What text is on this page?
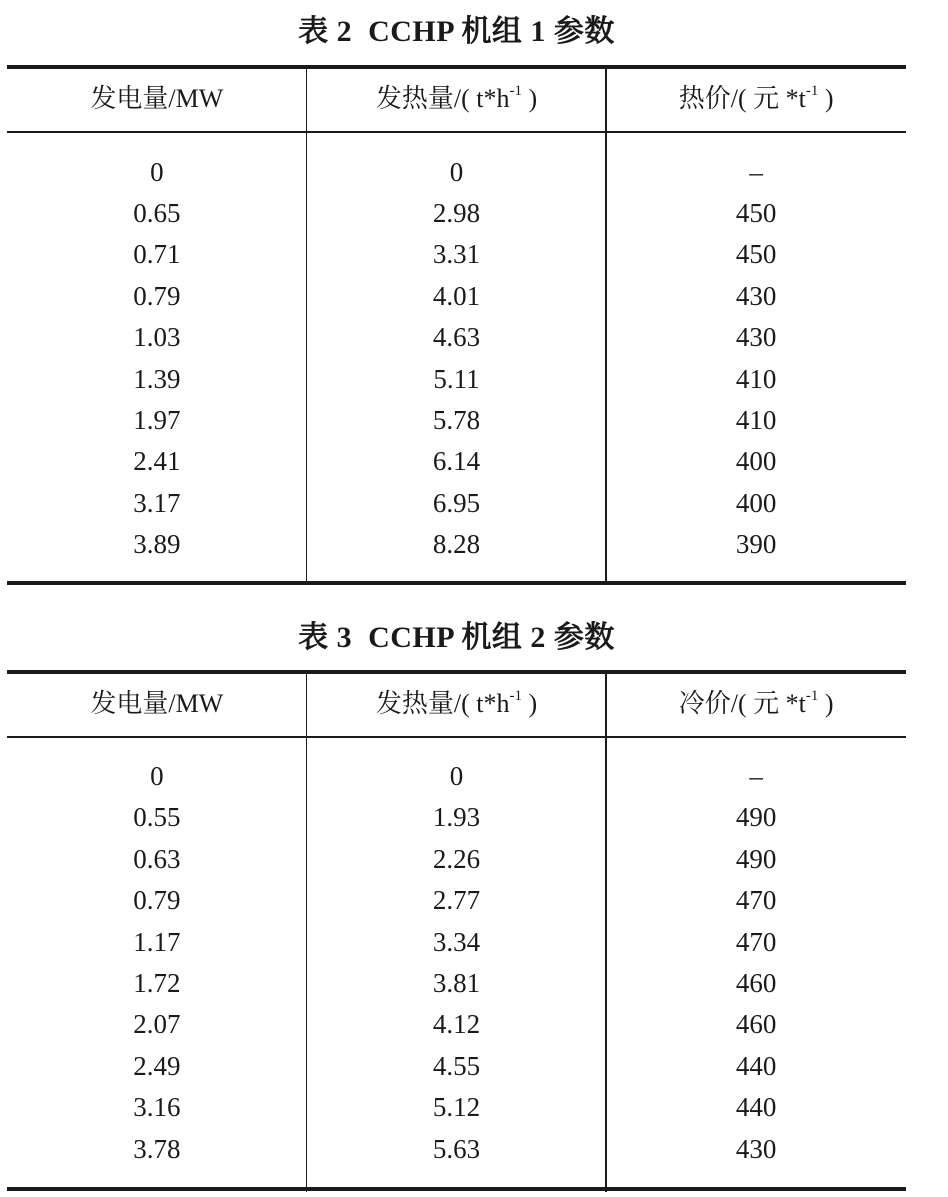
表 2  CCHP 机组 1 参数
发电量/MW	发热量/( $t*h^{-1}$ )	热价/( 元 $*t^{-1}$ )
0	0	–
0.65	2.98	450
0.71	3.31	450
0.79	4.01	430
1.03	4.63	430
1.39	5.11	410
1.97	5.78	410
2.41	6.14	400
3.17	6.95	400
3.89	8.28	390
表 3  CCHP 机组 2 参数
发电量/MW	发热量/( $t*h^{-1}$ )	冷价/( 元 $*t^{-1}$ )
0	0	–
0.55	1.93	490
0.63	2.26	490
0.79	2.77	470
1.17	3.34	470
1.72	3.81	460
2.07	4.12	460
2.49	4.55	440
3.16	5.12	440
3.78	5.63	430
